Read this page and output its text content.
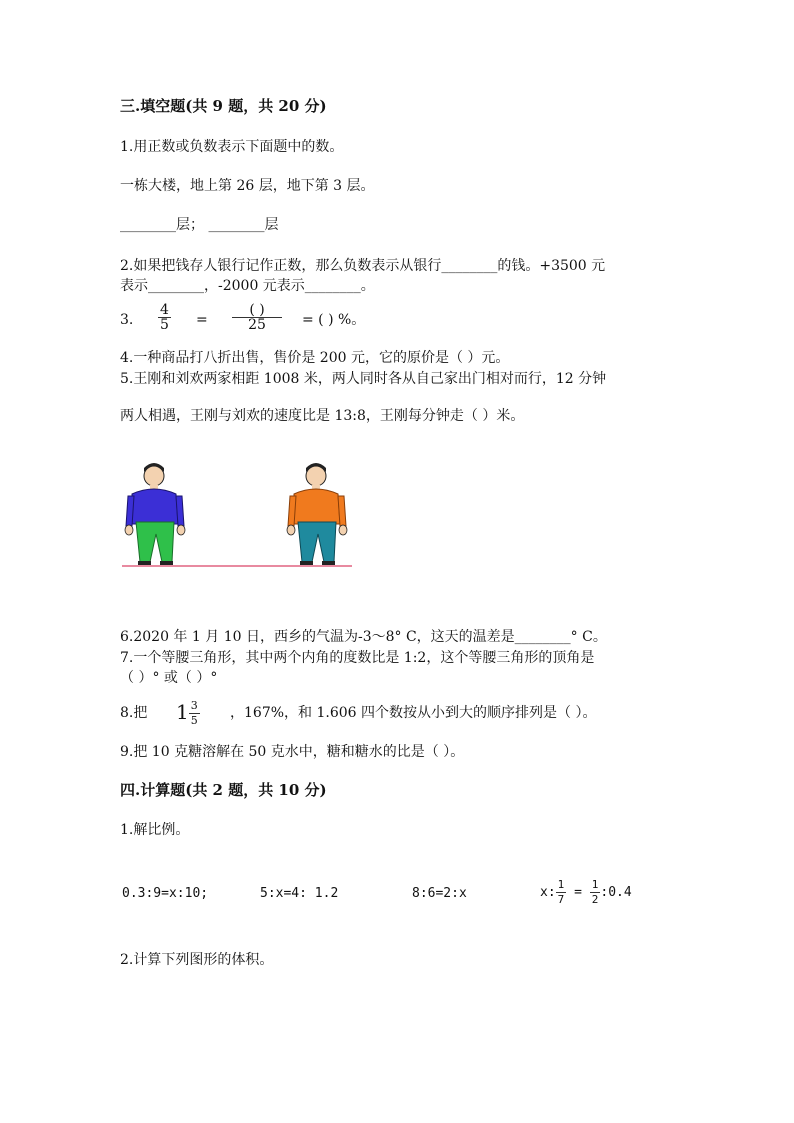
三.填空题(共 9 题，共 20 分)
1.用正数或负数表示下面题中的数。
一栋大楼，地上第 26 层，地下第 3 层。
________层； ________层
2.如果把钱存人银行记作正数，那么负数表示从银行________的钱。+3500 元
表示________，-2000 元表示________。
3. $\frac{4}{5} = \frac{( )}{25}$ = ( ) %。
4.一种商品打八折出售，售价是 200 元，它的原价是（ ）元。
5.王刚和刘欢两家相距 1008 米，两人同时各从自己家出门相对而行，12 分钟
两人相遇，王刚与刘欢的速度比是 13:8，王刚每分钟走（ ）米。
6.2020 年 1 月 10 日，西乡的气温为-3～8° C，这天的温差是________° C。
7.一个等腰三角形，其中两个内角的度数比是 1:2，这个等腰三角形的顶角是
（ ）° 或（ ）°
8.把 $1 \frac{3}{5}$ ，167%，和 1.606 四个数按从小到大的顺序排列是（ ）。
9.把 10 克糖溶解在 50 克水中，糖和糖水的比是（ ）。
四.计算题(共 2 题，共 10 分)
1.解比例。
0.3:9=x:10;	5:x=4: 1.2	8:6=2:x	x: $\frac{1}{7} = \frac{1}{2}$ :0.4
2.计算下列图形的体积。
